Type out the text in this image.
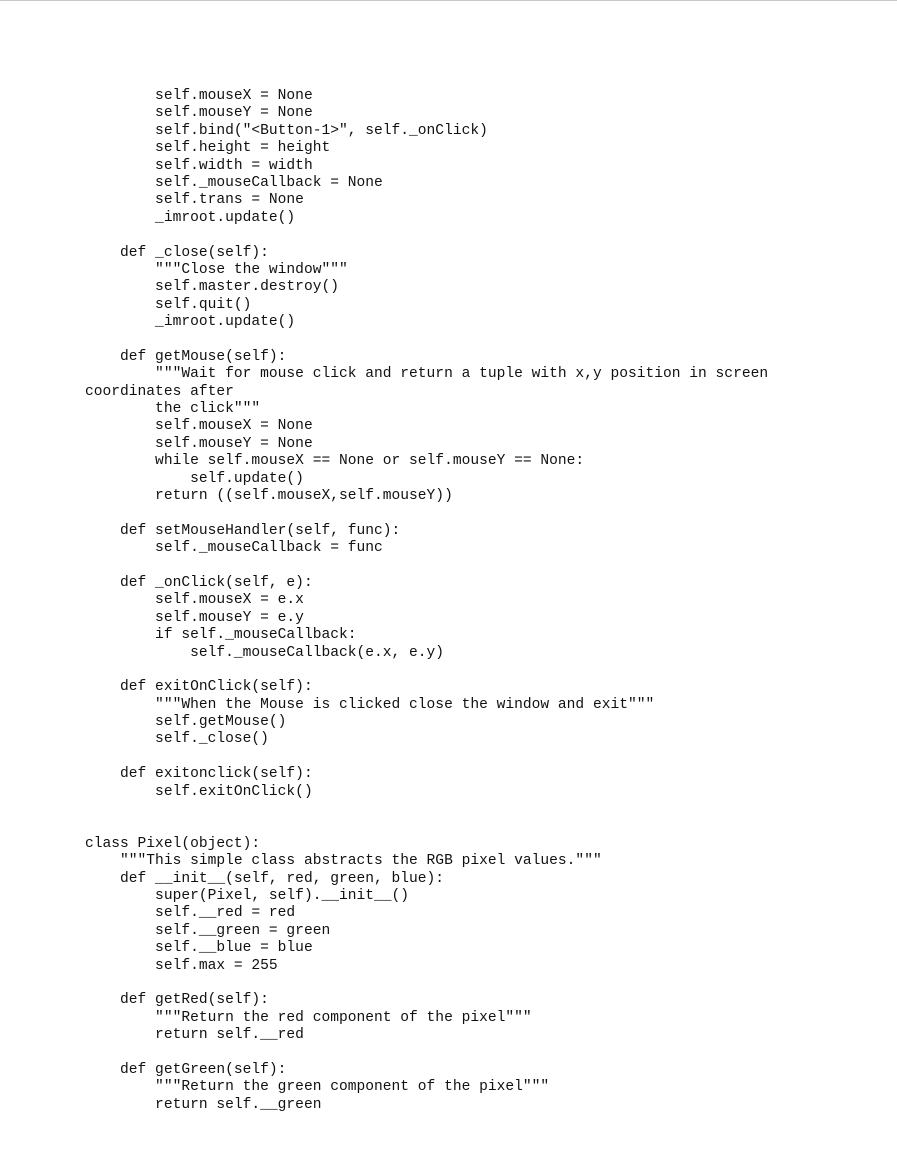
self.mouseX = None
self.mouseY = None
self.bind("<Button-1>", self._onClick)
self.height = height
self.width = width
self._mouseCallback = None
self.trans = None
_imroot.update()
def _close(self):
"""Close the window"""
self.master.destroy()
self.quit()
_imroot.update()
def getMouse(self):
"""Wait for mouse click and return a tuple with x,y position in screen
coordinates after
the click"""
self.mouseX = None
self.mouseY = None
while self.mouseX == None or self.mouseY == None:
self.update()
return ((self.mouseX,self.mouseY))
def setMouseHandler(self, func):
self._mouseCallback = func
def _onClick(self, e):
self.mouseX = e.x
self.mouseY = e.y
if self._mouseCallback:
self._mouseCallback(e.x, e.y)
def exitOnClick(self):
"""When the Mouse is clicked close the window and exit"""
self.getMouse()
self._close()
def exitonclick(self):
self.exitOnClick()
class Pixel(object):
"""This simple class abstracts the RGB pixel values."""
def __init__(self, red, green, blue):
super(Pixel, self).__init__()
self.__red = red
self.__green = green
self.__blue = blue
self.max = 255
def getRed(self):
"""Return the red component of the pixel"""
return self.__red
def getGreen(self):
"""Return the green component of the pixel"""
return self.__green
